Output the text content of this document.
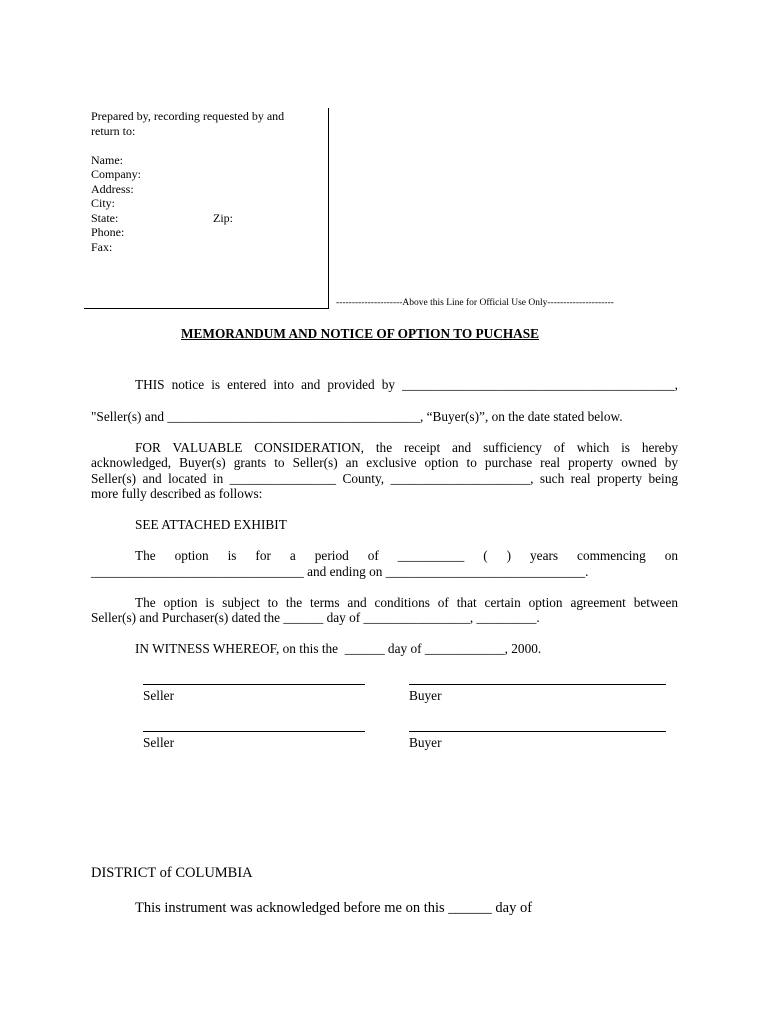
Prepared by, recording requested by and
return to:
Name:
Company:
Address:
City:
State:	Zip:
Phone:
Fax:
---------------------Above this Line for Official Use Only---------------------
MEMORANDUM AND NOTICE OF OPTION TO PUCHASE
THIS notice is entered into and provided by _________________________________________,
"Seller(s) and ______________________________________, “Buyer(s)”, on the date stated below.
FOR VALUABLE CONSIDERATION, the receipt and sufficiency of which is hereby
acknowledged, Buyer(s) grants to Seller(s) an exclusive option to purchase real property owned by
Seller(s) and located in ________________ County, _____________________, such real property being
more fully described as follows:
SEE ATTACHED EXHIBIT
The option is for a period of __________ ( ) years commencing on
________________________________ and ending on ______________________________.
The option is subject to the terms and conditions of that certain option agreement between
Seller(s) and Purchaser(s) dated the ______ day of ________________, _________.
IN WITNESS WHEREOF, on this the  ______ day of ____________, 2000.
Seller	Buyer
Seller	Buyer
DISTRICT of COLUMBIA
This instrument was acknowledged before me on this ______ day of
